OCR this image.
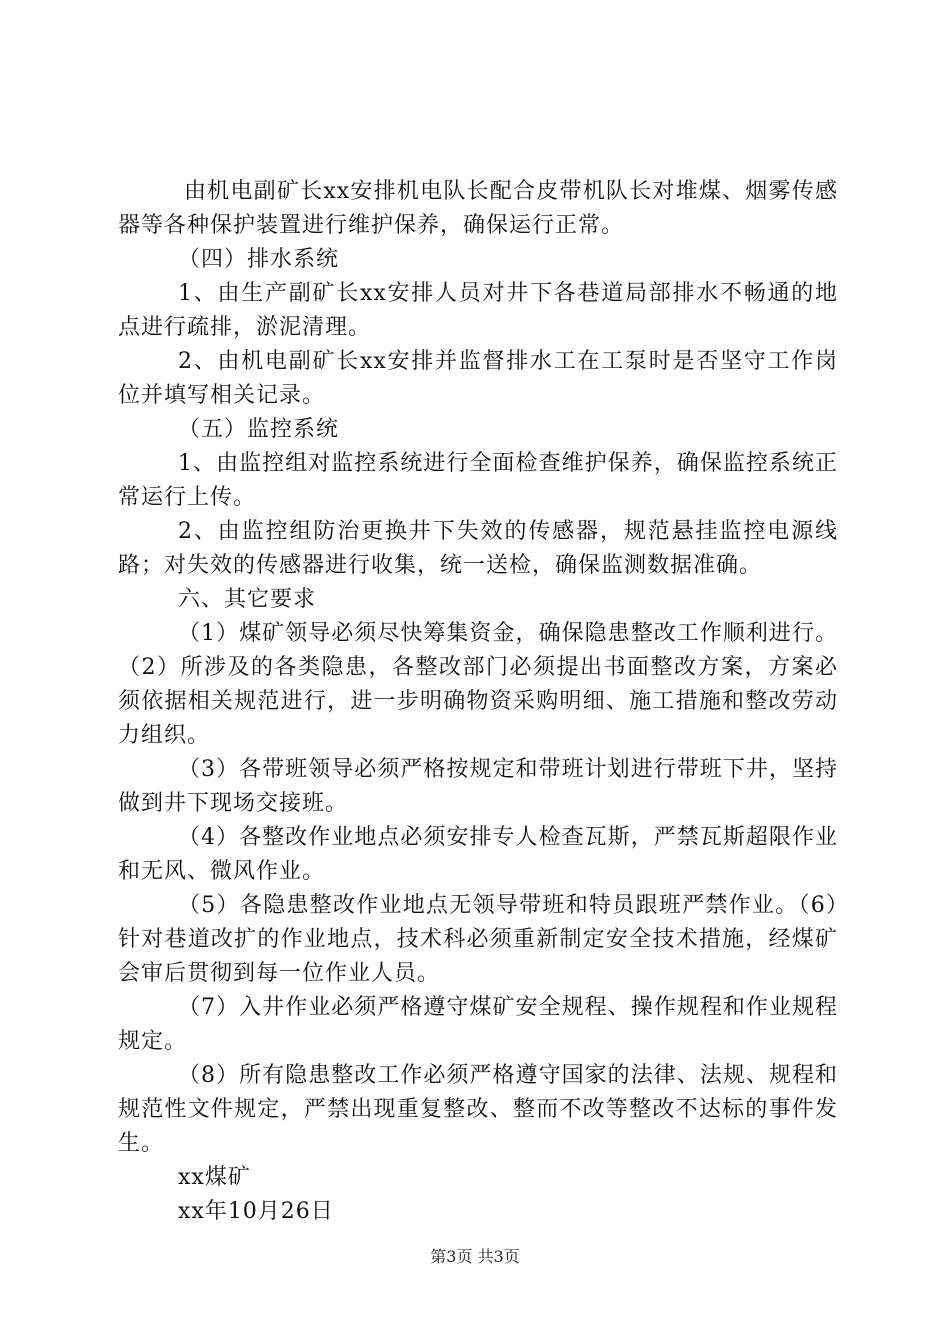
由机电副矿长xx安排机电队长配合皮带机队长对堆煤、烟雾传感器等各种保护装置进行维护保养，确保运行正常。

（四）排水系统

1、由生产副矿长xx安排人员对井下各巷道局部排水不畅通的地点进行疏排，淤泥清理。

2、由机电副矿长xx安排并监督排水工在工泵时是否坚守工作岗位并填写相关记录。

（五）监控系统

1、由监控组对监控系统进行全面检查维护保养，确保监控系统正常运行上传。

2、由监控组防治更换井下失效的传感器，规范悬挂监控电源线路；对失效的传感器进行收集，统一送检，确保监测数据准确。

六、其它要求

（1）煤矿领导必须尽快筹集资金，确保隐患整改工作顺利进行。（2）所涉及的各类隐患，各整改部门必须提出书面整改方案，方案必须依据相关规范进行，进一步明确物资采购明细、施工措施和整改劳动力组织。

（3）各带班领导必须严格按规定和带班计划进行带班下井，坚持做到井下现场交接班。

（4）各整改作业地点必须安排专人检查瓦斯，严禁瓦斯超限作业和无风、微风作业。

（5）各隐患整改作业地点无领导带班和特员跟班严禁作业。（6）针对巷道改扩的作业地点，技术科必须重新制定安全技术措施，经煤矿会审后贯彻到每一位作业人员。

（7）入井作业必须严格遵守煤矿安全规程、操作规程和作业规程规定。

（8）所有隐患整改工作必须严格遵守国家的法律、法规、规程和规范性文件规定，严禁出现重复整改、整而不改等整改不达标的事件发生。

xx煤矿

xx年10月26日

第3页 共3页
